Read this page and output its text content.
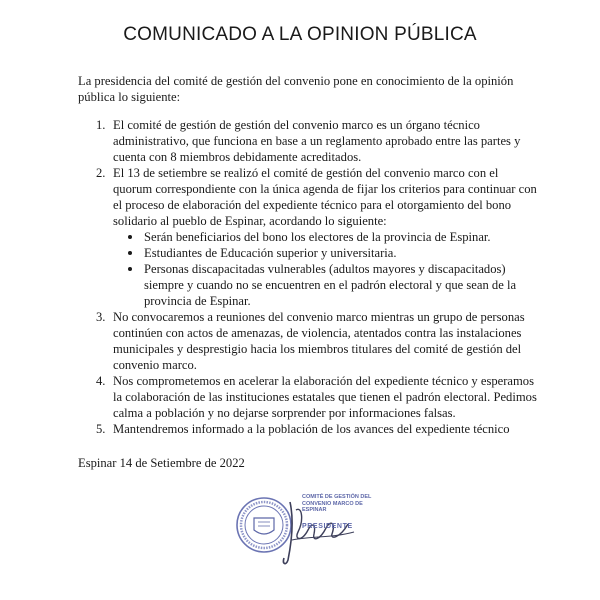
COMUNICADO A LA OPINION PÚBLICA
La presidencia del comité de gestión del convenio pone en conocimiento de la opinión pública lo siguiente:
1. El comité de gestión de gestión del convenio marco es un órgano técnico administrativo, que funciona en base a un reglamento aprobado entre las partes y cuenta con 8 miembros debidamente acreditados.
2. El 13 de setiembre se realizó el comité de gestión del convenio marco con el quorum correspondiente con la única agenda de fijar los criterios para continuar con el proceso de elaboración del expediente técnico para el otorgamiento del bono solidario al pueblo de Espinar, acordando lo siguiente:
Serán beneficiarios del bono los electores de la provincia de Espinar.
Estudiantes de Educación superior y universitaria.
Personas discapacitadas vulnerables (adultos mayores y discapacitados) siempre y cuando no se encuentren en el padrón electoral y que sean de la provincia de Espinar.
3. No convocaremos a reuniones del convenio marco mientras un grupo de personas continúen con actos de amenazas, de violencia, atentados contra las instalaciones municipales y desprestigio hacia los miembros titulares del comité de gestión del convenio marco.
4. Nos comprometemos en acelerar la elaboración del expediente técnico y esperamos la colaboración de las instituciones estatales que tienen el padrón electoral. Pedimos calma a población y no dejarse sorprender por informaciones falsas.
5. Mantendremos informado a la población de los avances del expediente técnico
Espinar 14 de Setiembre de 2022
COMITÉ DE GESTIÓN DEL
CONVENIO MARCO DE ESPINAR
PRESIDENTE
